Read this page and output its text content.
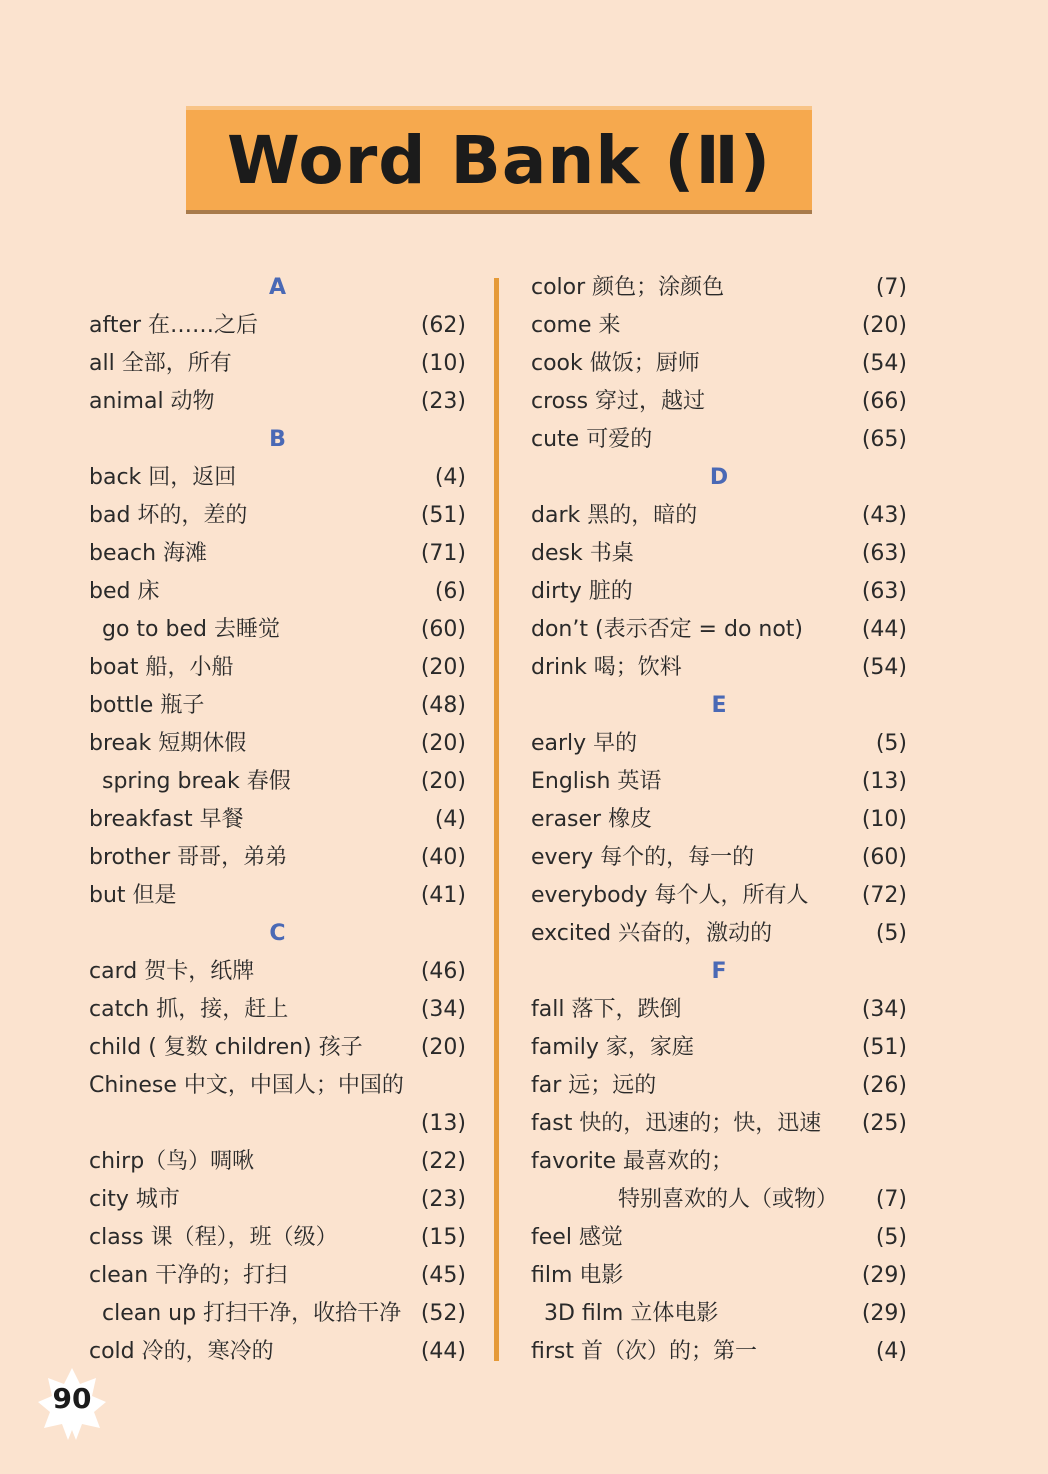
Word Bank (Ⅱ)
A
after 在……之后	(62)
all 全部，所有	(10)
animal 动物	(23)
B
back 回，返回	(4)
bad 坏的，差的	(51)
beach 海滩	(71)
bed 床	(6)
go to bed 去睡觉	(60)
boat 船，小船	(20)
bottle 瓶子	(48)
break 短期休假	(20)
spring break 春假	(20)
breakfast 早餐	(4)
brother 哥哥，弟弟	(40)
but 但是	(41)
C
card 贺卡，纸牌	(46)
catch 抓，接，赶上	(34)
child ( 复数 children) 孩子	(20)
Chinese 中文，中国人；中国的
(13)
chirp（鸟）啁啾	(22)
city 城市	(23)
class 课（程），班（级）	(15)
clean 干净的；打扫	(45)
clean up 打扫干净，收拾干净 (52)
cold 冷的，寒冷的	(44)
color 颜色；涂颜色	(7)
come 来	(20)
cook 做饭；厨师	(54)
cross 穿过，越过	(66)
cute 可爱的	(65)
D
dark 黑的，暗的	(43)
desk 书桌	(63)
dirty 脏的	(63)
don’t (表示否定 = do not)	(44)
drink 喝；饮料	(54)
E
early 早的	(5)
English 英语	(13)
eraser 橡皮	(10)
every 每个的，每一的	(60)
everybody 每个人，所有人 (72)
excited 兴奋的，激动的	(5)
F
fall 落下，跌倒	(34)
family 家，家庭	(51)
far 远；远的	(26)
fast 快的，迅速的；快，迅速 (25)
favorite 最喜欢的；
特别喜欢的人（或物） (7)
feel 感觉	(5)
film 电影	(29)
3D film 立体电影	(29)
first 首（次）的；第一	(4)
90
